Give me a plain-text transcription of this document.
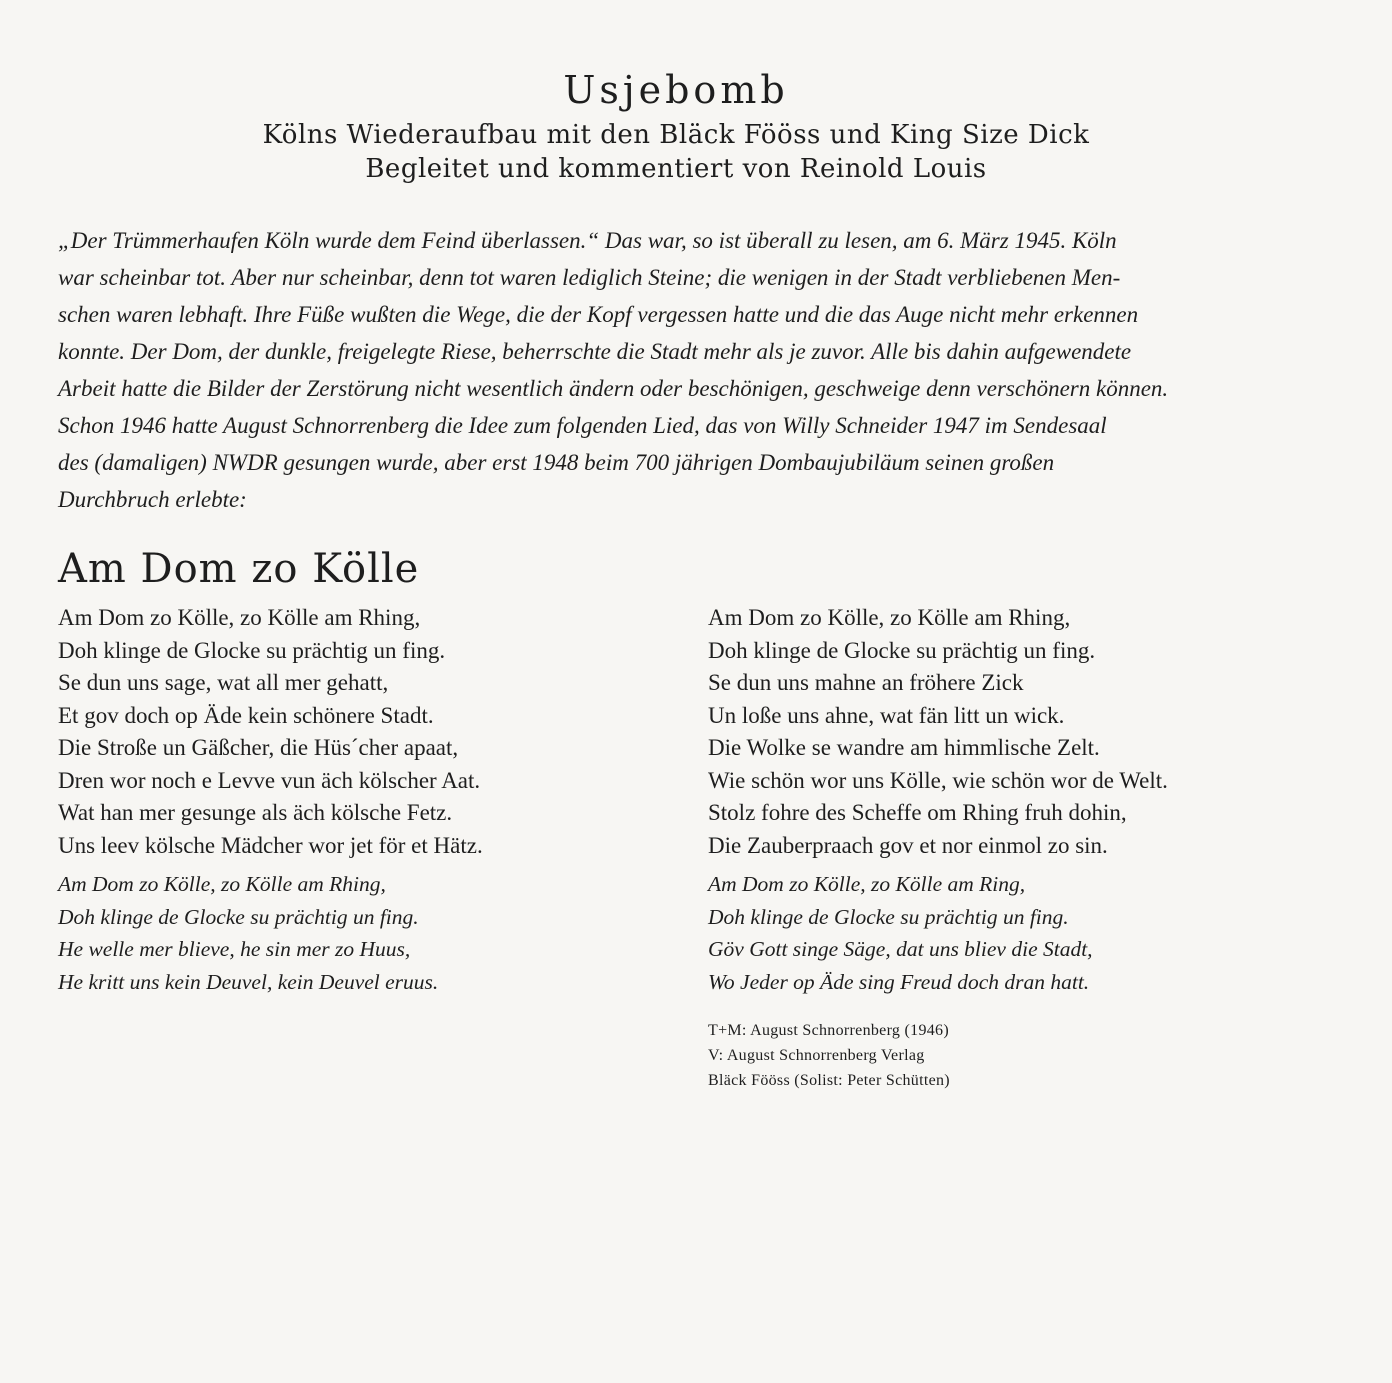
Usjebomb
Kölns Wiederaufbau mit den Bläck Fööss und King Size Dick
Begleitet und kommentiert von Reinold Louis
„Der Trümmerhaufen Köln wurde dem Feind überlassen.“ Das war, so ist überall zu lesen, am 6. März 1945. Köln
war scheinbar tot. Aber nur scheinbar, denn tot waren lediglich Steine; die wenigen in der Stadt verbliebenen Men-
schen waren lebhaft. Ihre Füße wußten die Wege, die der Kopf vergessen hatte und die das Auge nicht mehr erkennen
konnte. Der Dom, der dunkle, freigelegte Riese, beherrschte die Stadt mehr als je zuvor. Alle bis dahin aufgewendete
Arbeit hatte die Bilder der Zerstörung nicht wesentlich ändern oder beschönigen, geschweige denn verschönern können.
Schon 1946 hatte August Schnorrenberg die Idee zum folgenden Lied, das von Willy Schneider 1947 im Sendesaal
des (damaligen) NWDR gesungen wurde, aber erst 1948 beim 700 jährigen Dombaujubiläum seinen großen
Durchbruch erlebte:
Am Dom zo Kölle
Am Dom zo Kölle, zo Kölle am Rhing,
Doh klinge de Glocke su prächtig un fing.
Se dun uns sage, wat all mer gehatt,
Et gov doch op Äde kein schönere Stadt.
Die Stroße un Gäßcher, die Hüs´cher apaat,
Dren wor noch e Levve vun äch kölscher Aat.
Wat han mer gesunge als äch kölsche Fetz.
Uns leev kölsche Mädcher wor jet för et Hätz.
Am Dom zo Kölle, zo Kölle am Rhing,
Doh klinge de Glocke su prächtig un fing.
He welle mer blieve, he sin mer zo Huus,
He kritt uns kein Deuvel, kein Deuvel eruus.
Am Dom zo Kölle, zo Kölle am Rhing,
Doh klinge de Glocke su prächtig un fing.
Se dun uns mahne an fröhere Zick
Un loße uns ahne, wat fän litt un wick.
Die Wolke se wandre am himmlische Zelt.
Wie schön wor uns Kölle, wie schön wor de Welt.
Stolz fohre des Scheffe om Rhing fruh dohin,
Die Zauberpraach gov et nor einmol zo sin.
Am Dom zo Kölle, zo Kölle am Ring,
Doh klinge de Glocke su prächtig un fing.
Göv Gott singe Säge, dat uns bliev die Stadt,
Wo Jeder op Äde sing Freud doch dran hatt.
T+M: August Schnorrenberg (1946)
V: August Schnorrenberg Verlag
Bläck Fööss (Solist: Peter Schütten)
